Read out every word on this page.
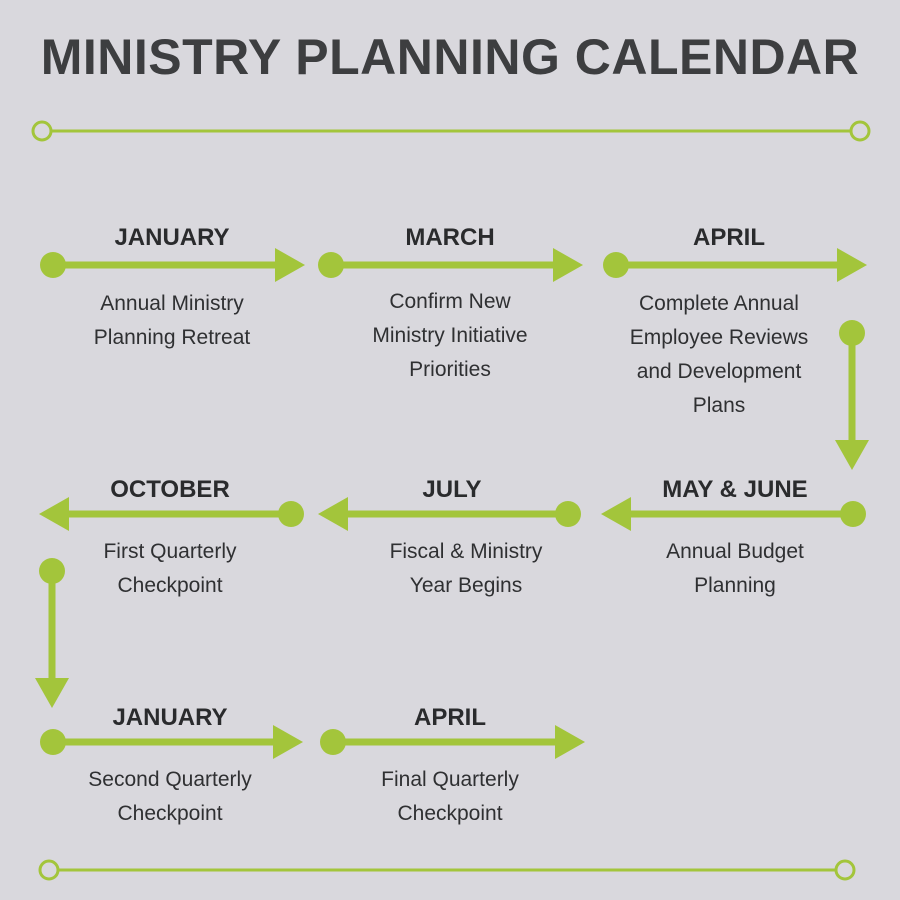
MINISTRY PLANNING CALENDAR
JANUARY
Annual Ministry Planning Retreat
MARCH
Confirm New Ministry Initiative Priorities
APRIL
Complete Annual Employee Reviews and Development Plans
MAY & JUNE
Annual Budget Planning
JULY
Fiscal & Ministry Year Begins
OCTOBER
First Quarterly Checkpoint
JANUARY
Second Quarterly Checkpoint
APRIL
Final Quarterly Checkpoint
